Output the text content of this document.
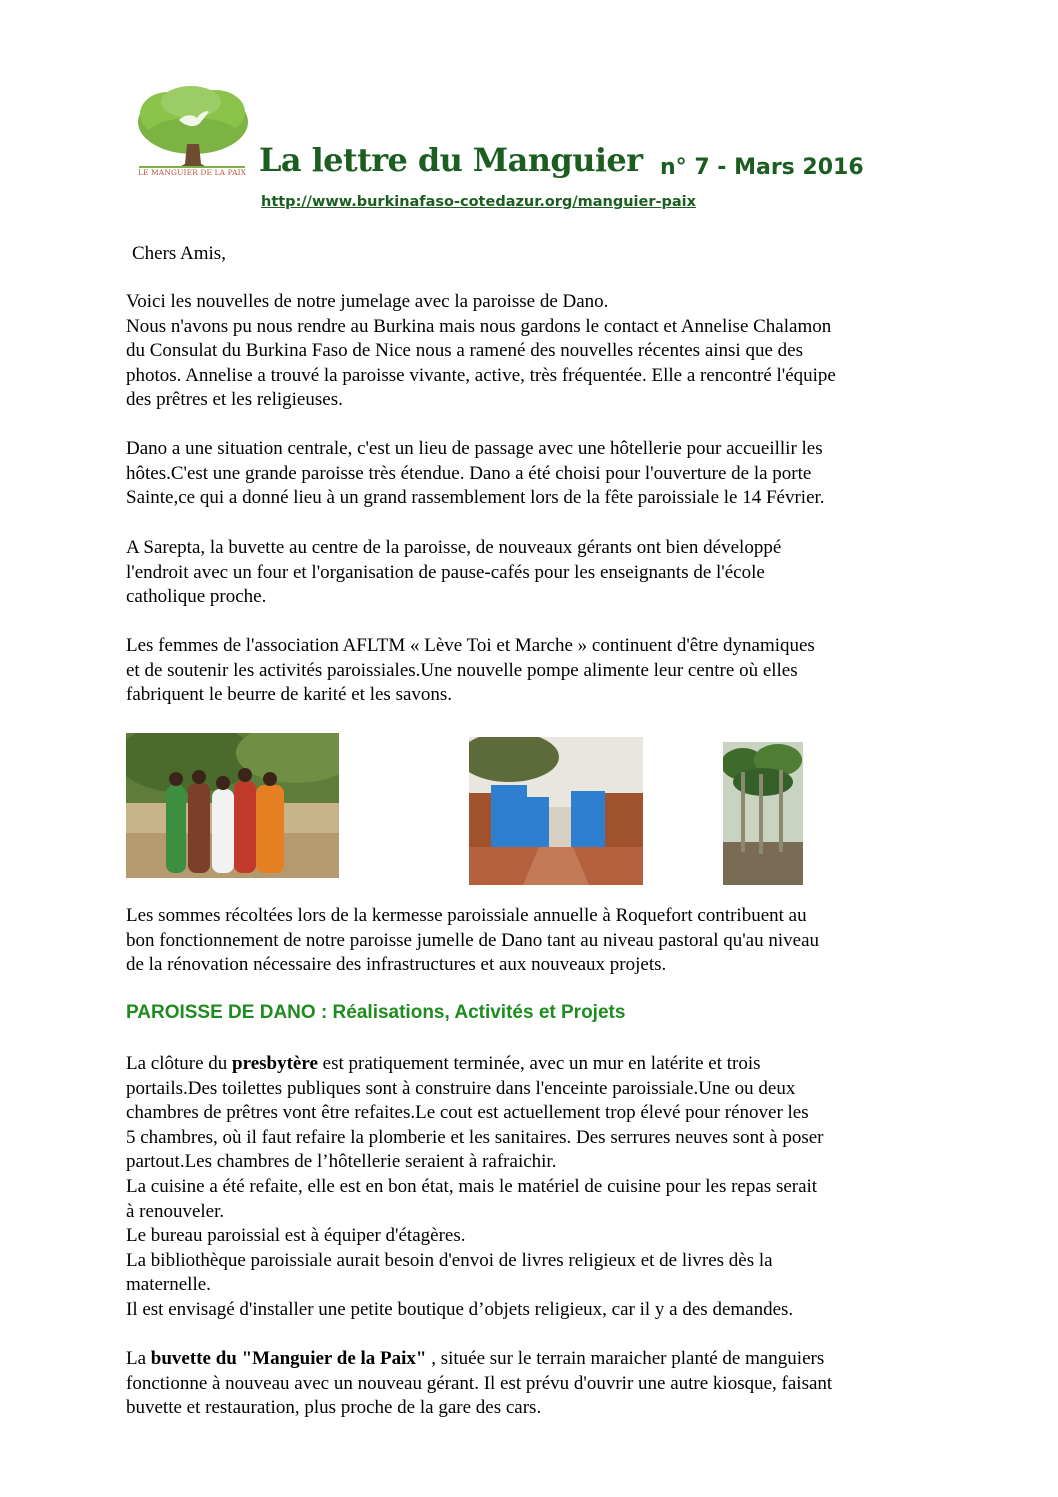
LE MANGUIER DE LA PAIX La lettre du Manguier n° 7 - Mars 2016
http://www.burkinafaso-cotedazur.org/manguier-paix
Chers Amis,
Voici les nouvelles de notre jumelage avec la paroisse de Dano.
Nous n'avons pu nous rendre au Burkina mais nous gardons le contact et Annelise Chalamon
du Consulat du Burkina Faso de Nice nous a ramené des nouvelles récentes ainsi que des
photos. Annelise a trouvé la paroisse vivante, active, très fréquentée. Elle a rencontré l'équipe
des prêtres et les religieuses.
Dano a une situation centrale, c'est un lieu de passage avec une hôtellerie pour accueillir les
hôtes.C'est une grande paroisse très étendue. Dano a été choisi pour l'ouverture de la porte
Sainte,ce qui a donné lieu à un grand rassemblement lors de la fête paroissiale le 14 Février.
A Sarepta, la buvette au centre de la paroisse, de nouveaux gérants ont bien développé
l'endroit avec un four et l'organisation de pause-cafés pour les enseignants de l'école
catholique proche.
Les femmes de l'association AFLTM « Lève Toi et Marche » continuent d'être dynamiques
et de soutenir les activités paroissiales.Une nouvelle pompe alimente leur centre où elles
fabriquent le beurre de karité et les savons.
Les sommes récoltées lors de la kermesse paroissiale annuelle à Roquefort contribuent au
bon fonctionnement de notre paroisse jumelle de Dano tant au niveau pastoral qu'au niveau
de la rénovation nécessaire des infrastructures et aux nouveaux projets.
PAROISSE DE DANO : Réalisations, Activités et Projets
La clôture du presbytère est pratiquement terminée, avec un mur en latérite et trois
portails.Des toilettes publiques sont à construire dans l'enceinte paroissiale.Une ou deux
chambres de prêtres vont être refaites.Le cout est actuellement trop élevé pour rénover les
5 chambres, où il faut refaire la plomberie et les sanitaires. Des serrures neuves sont à poser
partout.Les chambres de l’hôtellerie seraient à rafraichir.
La cuisine a été refaite, elle est en bon état, mais le matériel de cuisine pour les repas serait
à renouveler.
Le bureau paroissial est à équiper d'étagères.
La bibliothèque paroissiale aurait besoin d'envoi de livres religieux et de livres dès la
maternelle.
Il est envisagé d'installer une petite boutique d’objets religieux, car il y a des demandes.
La buvette du "Manguier de la Paix" , située sur le terrain maraicher planté de manguiers
fonctionne à nouveau avec un nouveau gérant. Il est prévu d'ouvrir une autre kiosque, faisant
buvette et restauration, plus proche de la gare des cars.
